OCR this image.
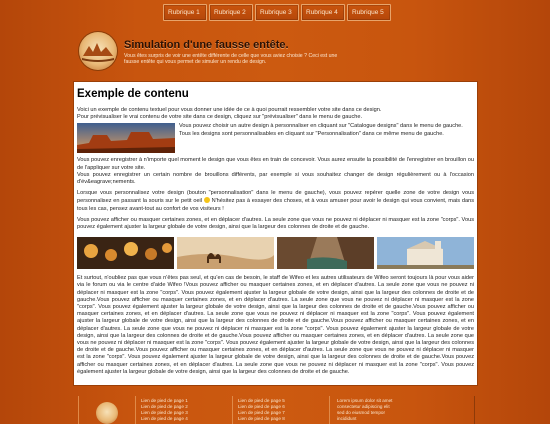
Rubrique 1	Rubrique 2	Rubrique 3	Rubrique 4	Rubrique 5
Simulation d'une fausse entête.
Vous êtes surpris de voir une entête différente de celle que vous aviez choisie ? Ceci est une
fausse entête qui vous permet de simuler un rendu de design.
Exemple de contenu

Voici un exemple de contenu textuel pour vous donner une idée de ce à quoi pourrait ressembler votre site dans ce design.

Pour prévisualiser le vrai contenu de votre site dans ce design, cliquez sur "prévisualiser" dans le menu de gauche.

Vous pouvez choisir un autre design à personnaliser en cliquant sur "Catalogue designs" dans le menu de gauche.

Tous les designs sont personnalisables en cliquant sur "Personnalisation" dans ce même menu de gauche.

Vous pouvez enregistrer à n'importe quel moment le design que vous êtes en train de concevoir. Vous aurez ensuite la possibilité de l'enregistrer en brouillon ou de l'appliquer sur votre site.

Vous pouvez enregistrer un certain nombre de brouillons différents, par exemple si vous souhaitez changer de design régulièrement ou à l'occasion d'év&eagrave;nements.

Lorsque vous personnalisez votre design (bouton "personnalisation" dans le menu de gauche), vous pouvez repérer quelle zone de votre design vous personnalisez en passant la souris sur le petit oeil N'hésitez pas à essayer des choses, et à vous amuser pour avoir le design qui vous convient, mais dans tous les cas, pensez avant-tout au confort de vos visiteurs !

Vous pouvez afficher ou masquer certaines zones, et en déplacer d'autres. La seule zone que vous ne pouvez ni déplacer ni masquer est la zone "corps". Vous pouvez également ajuster la largeur globale de votre design, ainsi que la largeur des colonnes de droite et de gauche.

Et surtout, n'oubliez pas que vous n'êtes pas seul, et qu'en cas de besoin, le staff de Wifeo et les autres utilisateurs de Wifeo seront toujours là pour vous aider via le forum ou via le centre d'aide Wifeo !Vous pouvez afficher ou masquer certaines zones, et en déplacer d'autres. La seule zone que vous ne pouvez ni déplacer ni masquer est la zone "corps". Vous pouvez également ajuster la largeur globale de votre design, ainsi que la largeur des colonnes de droite et de gauche.Vous pouvez afficher ou masquer certaines zones, et en déplacer d'autres. La seule zone que vous ne pouvez ni déplacer ni masquer est la zone "corps". Vous pouvez également ajuster la largeur globale de votre design, ainsi que la largeur des colonnes de droite et de gauche.Vous pouvez afficher ou masquer certaines zones, et en déplacer d'autres. La seule zone que vous ne pouvez ni déplacer ni masquer est la zone "corps". Vous pouvez également ajuster la largeur globale de votre design, ainsi que la largeur des colonnes de droite et de gauche.Vous pouvez afficher ou masquer certaines zones, et en déplacer d'autres. La seule zone que vous ne pouvez ni déplacer ni masquer est la zone "corps". Vous pouvez également ajuster la largeur globale de votre design, ainsi que la largeur des colonnes de droite et de gauche.Vous pouvez afficher ou masquer certaines zones, et en déplacer d'autres. La seule zone que vous ne pouvez ni déplacer ni masquer est la zone "corps". Vous pouvez également ajuster la largeur globale de votre design, ainsi que la largeur des colonnes de droite et de gauche.Vous pouvez afficher ou masquer certaines zones, et en déplacer d'autres. La seule zone que vous ne pouvez ni déplacer ni masquer est la zone "corps". Vous pouvez également ajuster la largeur globale de votre design, ainsi que la largeur des colonnes de droite et de gauche.Vous pouvez afficher ou masquer certaines zones, et en déplacer d'autres. La seule zone que vous ne pouvez ni déplacer ni masquer est la zone "corps". Vous pouvez également ajuster la largeur globale de votre design, ainsi que la largeur des colonnes de droite et de gauche.

Lien de pied de page 1
Lien de pied de page 2
Lien de pied de page 3
Lien de pied de page 4
Lien de pied de page 5
Lien de pied de page 6
Lien de pied de page 7
Lien de pied de page 8
Lorem ipsum dolor sit amet
consectetur adipiscing elit
sed do eiusmod tempor
incididunt
